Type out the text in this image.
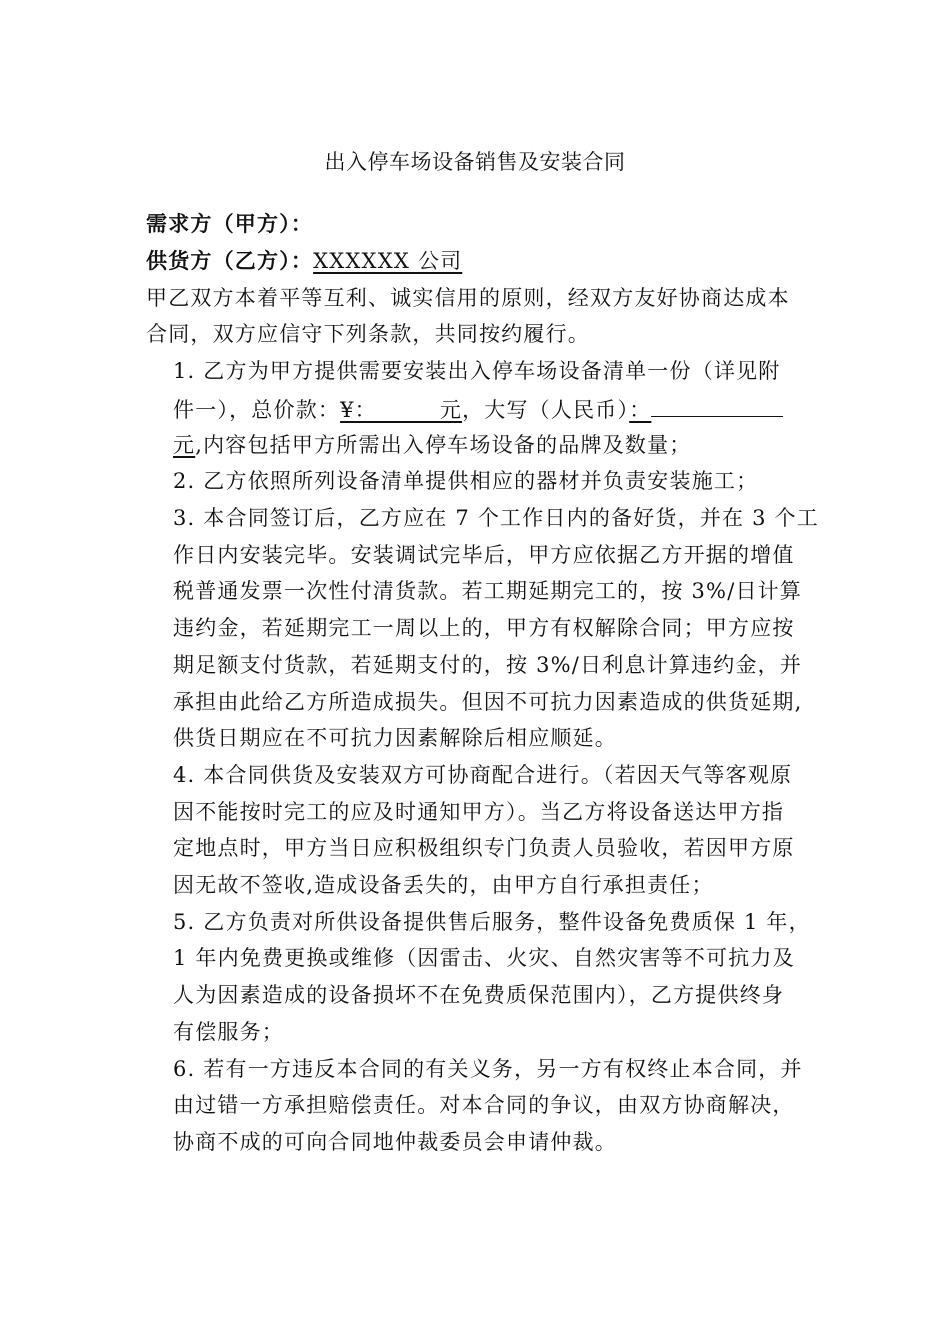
出入停车场设备销售及安装合同
需求方（甲方）：
供货方（乙方）：XXXXXX 公司
甲乙双方本着平等互利、诚实信用的原则，经双方友好协商达成本
合同，双方应信守下列条款，共同按约履行。
1. 乙方为甲方提供需要安装出入停车场设备清单一份（详见附
件一），总价款：¥：        元，大写（人民币）：
元,内容包括甲方所需出入停车场设备的品牌及数量；
2. 乙方依照所列设备清单提供相应的器材并负责安装施工；
3. 本合同签订后，乙方应在 7 个工作日内的备好货，并在 3 个工
作日内安装完毕。安装调试完毕后，甲方应依据乙方开据的增值
税普通发票一次性付清货款。若工期延期完工的，按 3%/日计算
违约金，若延期完工一周以上的，甲方有权解除合同；甲方应按
期足额支付货款，若延期支付的，按 3%/日利息计算违约金，并
承担由此给乙方所造成损失。但因不可抗力因素造成的供货延期,
供货日期应在不可抗力因素解除后相应顺延。
4. 本合同供货及安装双方可协商配合进行。（若因天气等客观原
因不能按时完工的应及时通知甲方）。当乙方将设备送达甲方指
定地点时，甲方当日应积极组织专门负责人员验收，若因甲方原
因无故不签收,造成设备丢失的，由甲方自行承担责任；
5. 乙方负责对所供设备提供售后服务，整件设备免费质保 1 年，
1 年内免费更换或维修（因雷击、火灾、自然灾害等不可抗力及
人为因素造成的设备损坏不在免费质保范围内），乙方提供终身
有偿服务；
6. 若有一方违反本合同的有关义务，另一方有权终止本合同，并
由过错一方承担赔偿责任。对本合同的争议，由双方协商解决，
协商不成的可向合同地仲裁委员会申请仲裁。
